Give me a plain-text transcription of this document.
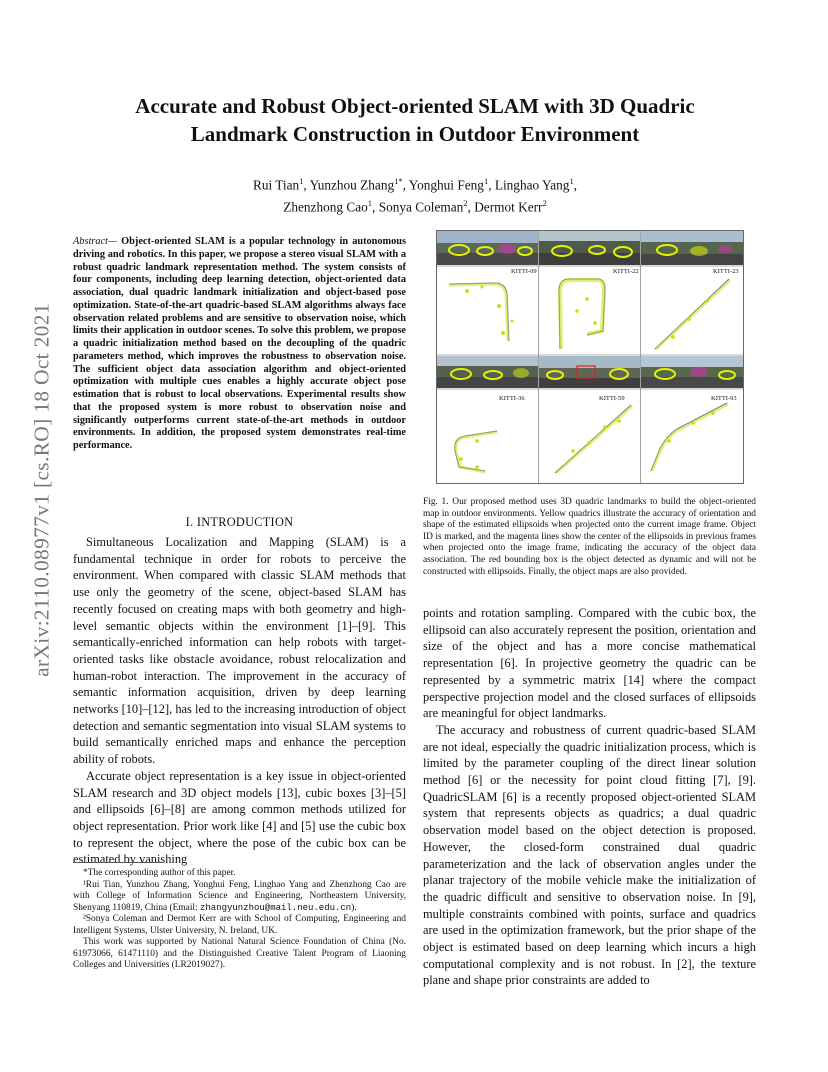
arXiv:2110.08977v1 [cs.RO] 18 Oct 2021
Accurate and Robust Object-oriented SLAM with 3D Quadric Landmark Construction in Outdoor Environment
Rui Tian$^1$, Yunzhou Zhang$^{1*}$, Yonghui Feng$^1$, Linghao Yang$^1$,
Zhenzhong Cao$^1$, Sonya Coleman$^2$, Dermot Kerr$^2$
Abstract— Object-oriented SLAM is a popular technology in autonomous driving and robotics. In this paper, we propose a stereo visual SLAM with a robust quadric landmark representation method. The system consists of four components, including deep learning detection, object-oriented data association, dual quadric landmark initialization and object-based pose optimization. State-of-the-art quadric-based SLAM algorithms always face observation related problems and are sensitive to observation noise, which limits their application in outdoor scenes. To solve this problem, we propose a quadric initialization method based on the decoupling of the quadric parameters method, which improves the robustness to observation noise. The sufficient object data association algorithm and object-oriented optimization with multiple cues enables a highly accurate object pose estimation that is robust to local observations. Experimental results show that the proposed system is more robust to observation noise and significantly outperforms current state-of-the-art methods in outdoor environments. In addition, the proposed system demonstrates real-time performance.
I. INTRODUCTION

Simultaneous Localization and Mapping (SLAM) is a fundamental technique in order for robots to perceive the environment. When compared with classic SLAM methods that use only the geometry of the scene, object-based SLAM has recently focused on creating maps with both geometry and high-level semantic objects within the environment [1]–[9]. This semantically-enriched information can help robots with target-oriented tasks like obstacle avoidance, robust relocalization and human-robot interaction. The improvement in the accuracy of semantic information acquisition, driven by deep learning networks [10]–[12], has led to the increasing introduction of object detection and semantic segmentation into visual SLAM systems to build semantically enriched maps and enhance the perception ability of robots.

Accurate object representation is a key issue in object-oriented SLAM research and 3D object models [13], cubic boxes [3]–[5] and ellipsoids [6]–[8] are among common methods utilized for object representation. Prior work like [4] and [5] use the cubic box to represent the object, where the pose of the cubic box can be estimated by vanishing

*The corresponding author of this paper.

¹Rui Tian, Yunzhou Zhang, Yonghui Feng, Linghao Yang and Zhenzhong Cao are with College of Information Science and Engineering, Northeastern University, Shenyang 110819, China (Email: zhangyunzhou@mail.neu.edu.cn).

²Sonya Coleman and Dermot Kerr are with School of Computing, Engineering and Intelligent Systems, Ulster University, N. Ireland, UK.

This work was supported by National Natural Science Foundation of China (No. 61973066, 61471110) and the Distinguished Creative Talent Program of Liaoning Colleges and Universities (LR2019027).

KITTI-09	KITTI-22	KITTI-23
KITTI-36	KITTI-59	KITTI-93
Fig. 1. Our proposed method uses 3D quadric landmarks to build the object-oriented map in outdoor environments. Yellow quadrics illustrate the accuracy of orientation and shape of the estimated ellipsoids when projected onto the current image frame. Object ID is marked, and the magenta lines show the center of the ellipsoids in previous frames when projected onto the image frame, indicating the accuracy of the object data association. The red bounding box is the object detected as dynamic and will not be constructed with ellipsoids. Finally, the object maps are also provided.

points and rotation sampling. Compared with the cubic box, the ellipsoid can also accurately represent the position, orientation and size of the object and has a more concise mathematical representation [6]. In projective geometry the quadric can be represented by a symmetric matrix [14] where the compact perspective projection model and the closed surfaces of ellipsoids are meaningful for object landmarks.

The accuracy and robustness of current quadric-based SLAM are not ideal, especially the quadric initialization process, which is limited by the parameter coupling of the direct linear solution method [6] or the necessity for point cloud fitting [7], [9]. QuadricSLAM [6] is a recently proposed object-oriented SLAM system that represents objects as quadrics; a dual quadric observation model based on the object detection is proposed. However, the closed-form constrained dual quadric parameterization and the lack of observation angles under the planar trajectory of the mobile vehicle make the initialization of the quadric difficult and sensitive to observation noise. In [9], multiple constraints combined with points, surface and quadrics are used in the optimization framework, but the prior shape of the object is estimated based on deep learning which incurs a high computational complexity and is not robust. In [2], the texture plane and shape prior constraints are added to
